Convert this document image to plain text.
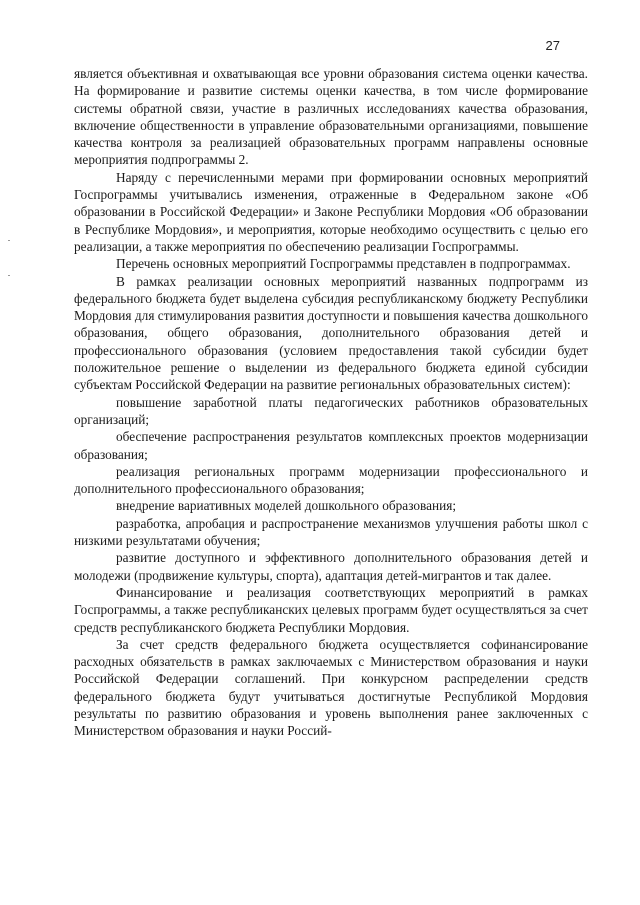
27

является объективная и охватывающая все уровни образования система оценки качества. На формирование и развитие системы оценки качества, в том числе формирование системы обратной связи, участие в различных исследованиях качества образования, включение общественности в управление образовательными организациями, повышение качества контроля за реализацией образовательных программ направлены основные мероприятия подпрограммы 2.

Наряду с перечисленными мерами при формировании основных мероприятий Госпрограммы учитывались изменения, отраженные в Федеральном законе «Об образовании в Российской Федерации» и Законе Республики Мордовия «Об образовании в Республике Мордовия», и мероприятия, которые необходимо осуществить с целью его реализации, а также мероприятия по обеспечению реализации Госпрограммы.

Перечень основных мероприятий Госпрограммы представлен в подпрограммах.

В рамках реализации основных мероприятий названных подпрограмм из федерального бюджета будет выделена субсидия республиканскому бюджету Республики Мордовия для стимулирования развития доступности и повышения качества дошкольного образования, общего образования, дополнительного образования детей и профессионального образования (условием предоставления такой субсидии будет положительное решение о выделении из федерального бюджета единой субсидии субъектам Российской Федерации на развитие региональных образовательных систем):

повышение заработной платы педагогических работников образовательных организаций;

обеспечение распространения результатов комплексных проектов модернизации образования;

реализация региональных программ модернизации профессионального и дополнительного профессионального образования;

внедрение вариативных моделей дошкольного образования;

разработка, апробация и распространение механизмов улучшения работы школ с низкими результатами обучения;

развитие доступного и эффективного дополнительного образования детей и молодежи (продвижение культуры, спорта), адаптация детей-мигрантов и так далее.

Финансирование и реализация соответствующих мероприятий в рамках Госпрограммы, а также республиканских целевых программ будет осуществляться за счет средств республиканского бюджета Республики Мордовия.

За счет средств федерального бюджета осуществляется софинансирование расходных обязательств в рамках заключаемых с Министерством образования и науки Российской Федерации соглашений. При конкурсном распределении средств федерального бюджета будут учитываться достигнутые Республикой Мордовия результаты по развитию образования и уровень выполнения ранее заключенных с Министерством образования и науки Россий-
